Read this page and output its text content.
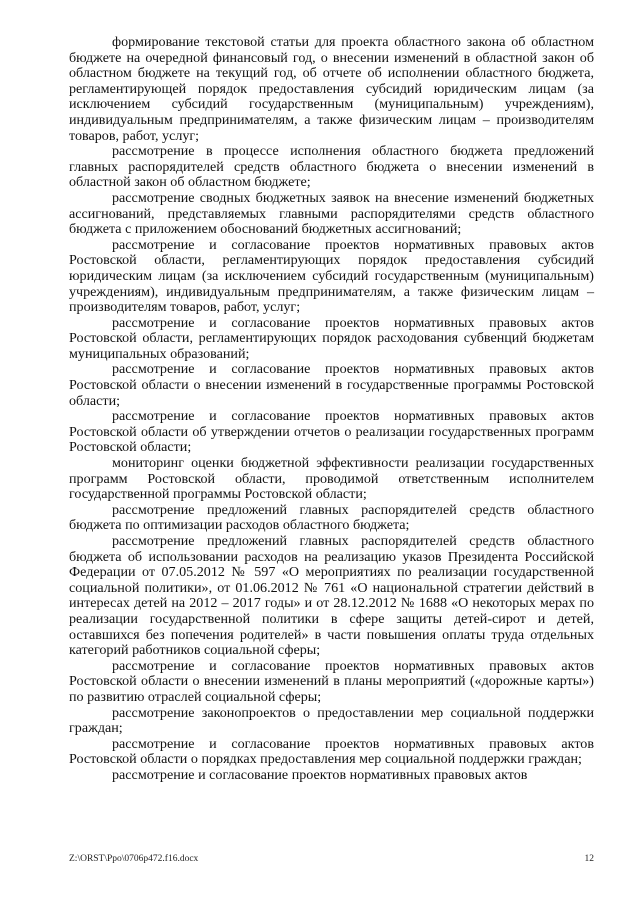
формирование текстовой статьи для проекта областного закона об областном бюджете на очередной финансовый год, о внесении изменений в областной закон об областном бюджете на текущий год, об отчете об исполнении областного бюджета, регламентирующей порядок предоставления субсидий юридическим лицам (за исключением субсидий государственным (муниципальным) учреждениям), индивидуальным предпринимателям, а также физическим лицам – производителям товаров, работ, услуг;

рассмотрение в процессе исполнения областного бюджета предложений главных распорядителей средств областного бюджета о внесении изменений в областной закон об областном бюджете;

рассмотрение сводных бюджетных заявок на внесение изменений бюджетных ассигнований, представляемых главными распорядителями средств областного бюджета с приложением обоснований бюджетных ассигнований;

рассмотрение и согласование проектов нормативных правовых актов Ростовской области, регламентирующих порядок предоставления субсидий юридическим лицам (за исключением субсидий государственным (муниципальным) учреждениям), индивидуальным предпринимателям, а также физическим лицам – производителям товаров, работ, услуг;

рассмотрение и согласование проектов нормативных правовых актов Ростовской области, регламентирующих порядок расходования субвенций бюджетам муниципальных образований;

рассмотрение и согласование проектов нормативных правовых актов Ростовской области о внесении изменений в государственные программы Ростовской области;

рассмотрение и согласование проектов нормативных правовых актов Ростовской области об утверждении отчетов о реализации государственных программ Ростовской области;

мониторинг оценки бюджетной эффективности реализации государственных программ Ростовской области, проводимой ответственным исполнителем государственной программы Ростовской области;

рассмотрение предложений главных распорядителей средств областного бюджета по оптимизации расходов областного бюджета;

рассмотрение предложений главных распорядителей средств областного бюджета об использовании расходов на реализацию указов Президента Российской Федерации от 07.05.2012 № 597 «О мероприятиях по реализации государственной социальной политики», от 01.06.2012 № 761 «О национальной стратегии действий в интересах детей на 2012 – 2017 годы» и от 28.12.2012 № 1688 «О некоторых мерах по реализации государственной политики в сфере защиты детей-сирот и детей, оставшихся без попечения родителей» в части повышения оплаты труда отдельных категорий работников социальной сферы;

рассмотрение и согласование проектов нормативных правовых актов Ростовской области о внесении изменений в планы мероприятий («дорожные карты») по развитию отраслей социальной сферы;

рассмотрение законопроектов о предоставлении мер социальной поддержки граждан;

рассмотрение и согласование проектов нормативных правовых актов Ростовской области о порядках предоставления мер социальной поддержки граждан;

рассмотрение и согласование проектов нормативных правовых актов

Z:\ORST\Ppo\0706p472.f16.docx	12
